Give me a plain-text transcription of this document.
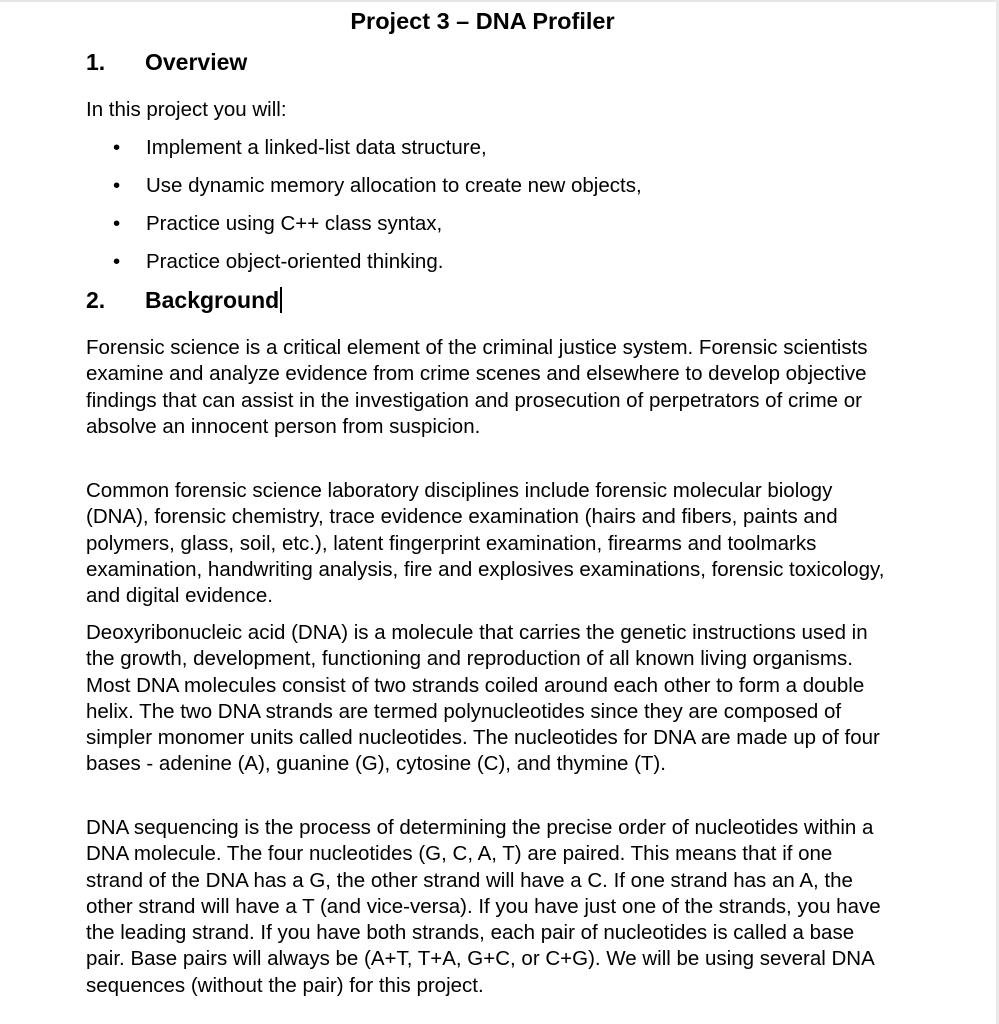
Project 3 – DNA Profiler
1. Overview
In this project you will:
• Implement a linked-list data structure,
• Use dynamic memory allocation to create new objects,
• Practice using C++ class syntax,
• Practice object-oriented thinking.
2. Background

Forensic science is a critical element of the criminal justice system. Forensic scientists examine and analyze evidence from crime scenes and elsewhere to develop objective findings that can assist in the investigation and prosecution of perpetrators of crime or absolve an innocent person from suspicion.

Common forensic science laboratory disciplines include forensic molecular biology (DNA), forensic chemistry, trace evidence examination (hairs and fibers, paints and polymers, glass, soil, etc.), latent fingerprint examination, firearms and toolmarks examination, handwriting analysis, fire and explosives examinations, forensic toxicology, and digital evidence.

Deoxyribonucleic acid (DNA) is a molecule that carries the genetic instructions used in the growth, development, functioning and reproduction of all known living organisms. Most DNA molecules consist of two strands coiled around each other to form a double helix. The two DNA strands are termed polynucleotides since they are composed of simpler monomer units called nucleotides. The nucleotides for DNA are made up of four bases - adenine (A), guanine (G), cytosine (C), and thymine (T).

DNA sequencing is the process of determining the precise order of nucleotides within a DNA molecule. The four nucleotides (G, C, A, T) are paired. This means that if one strand of the DNA has a G, the other strand will have a C. If one strand has an A, the other strand will have a T (and vice-versa). If you have just one of the strands, you have the leading strand. If you have both strands, each pair of nucleotides is called a base pair. Base pairs will always be (A+T, T+A, G+C, or C+G). We will be using several DNA sequences (without the pair) for this project.
